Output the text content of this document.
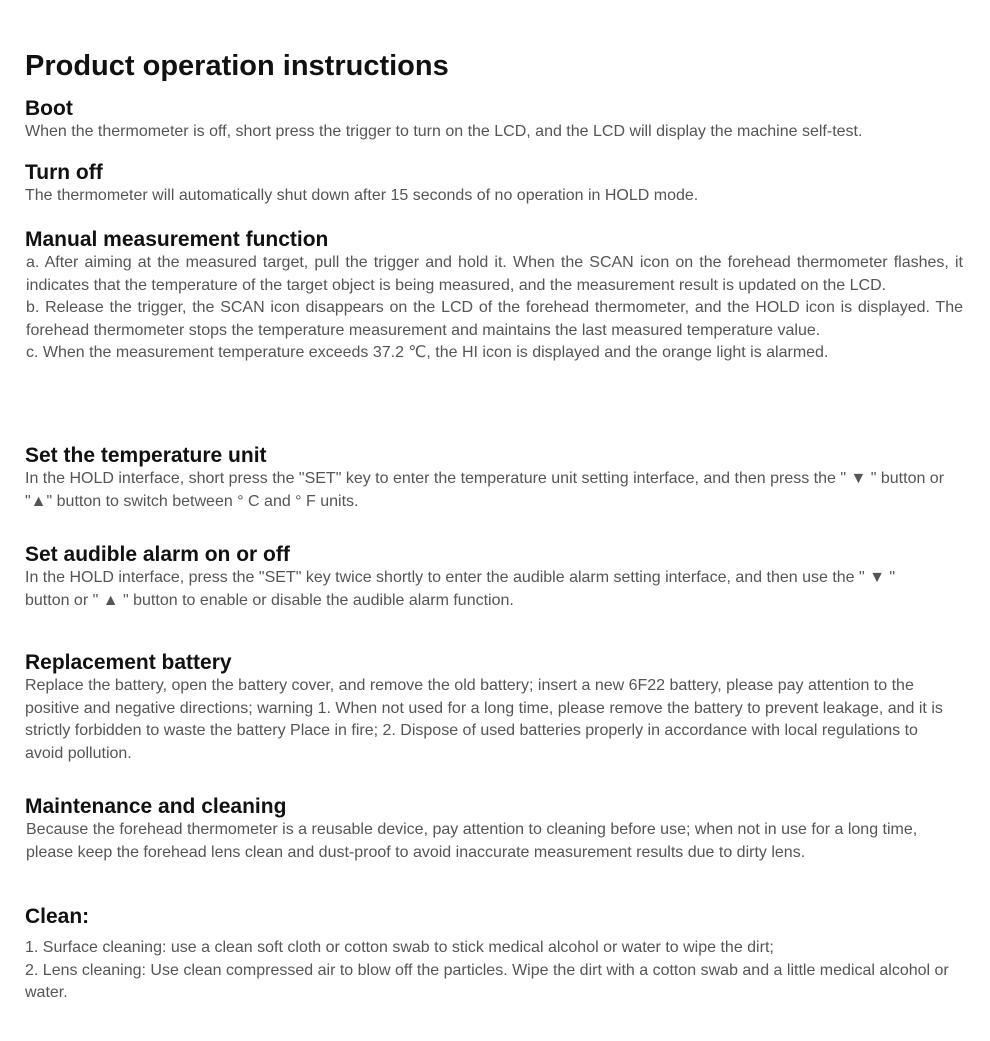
Product operation instructions
Boot

When the thermometer is off, short press the trigger to turn on the LCD, and the LCD will display the machine self-test.

Turn off

The thermometer will automatically shut down after 15 seconds of no operation in HOLD mode.

Manual measurement function

a. After aiming at the measured target, pull the trigger and hold it. When the SCAN icon on the forehead thermometer flashes, it indicates that the temperature of the target object is being measured, and the measurement result is updated on the LCD.

b. Release the trigger, the SCAN icon disappears on the LCD of the forehead thermometer, and the HOLD icon is displayed. The forehead thermometer stops the temperature measurement and maintains the last measured temperature value.

c. When the measurement temperature exceeds 37.2 ℃, the HI icon is displayed and the orange light is alarmed.

Set the temperature unit

In the HOLD interface, short press the "SET" key to enter the temperature unit setting interface, and then press the " ▼ " button or "▲" button to switch between ° C and ° F units.

Set audible alarm on or off

In the HOLD interface, press the "SET" key twice shortly to enter the audible alarm setting interface, and then use the " ▼ " button or " ▲ " button to enable or disable the audible alarm function.

Replacement battery

Replace the battery, open the battery cover, and remove the old battery; insert a new 6F22 battery, please pay attention to the positive and negative directions; warning 1. When not used for a long time, please remove the battery to prevent leakage, and it is strictly forbidden to waste the battery Place in fire; 2. Dispose of used batteries properly in accordance with local regulations to avoid pollution.

Maintenance and cleaning

Because the forehead thermometer is a reusable device, pay attention to cleaning before use; when not in use for a long time, please keep the forehead lens clean and dust-proof to avoid inaccurate measurement results due to dirty lens.

Clean:

1. Surface cleaning: use a clean soft cloth or cotton swab to stick medical alcohol or water to wipe the dirt;

2. Lens cleaning: Use clean compressed air to blow off the particles. Wipe the dirt with a cotton swab and a little medical alcohol or water.
